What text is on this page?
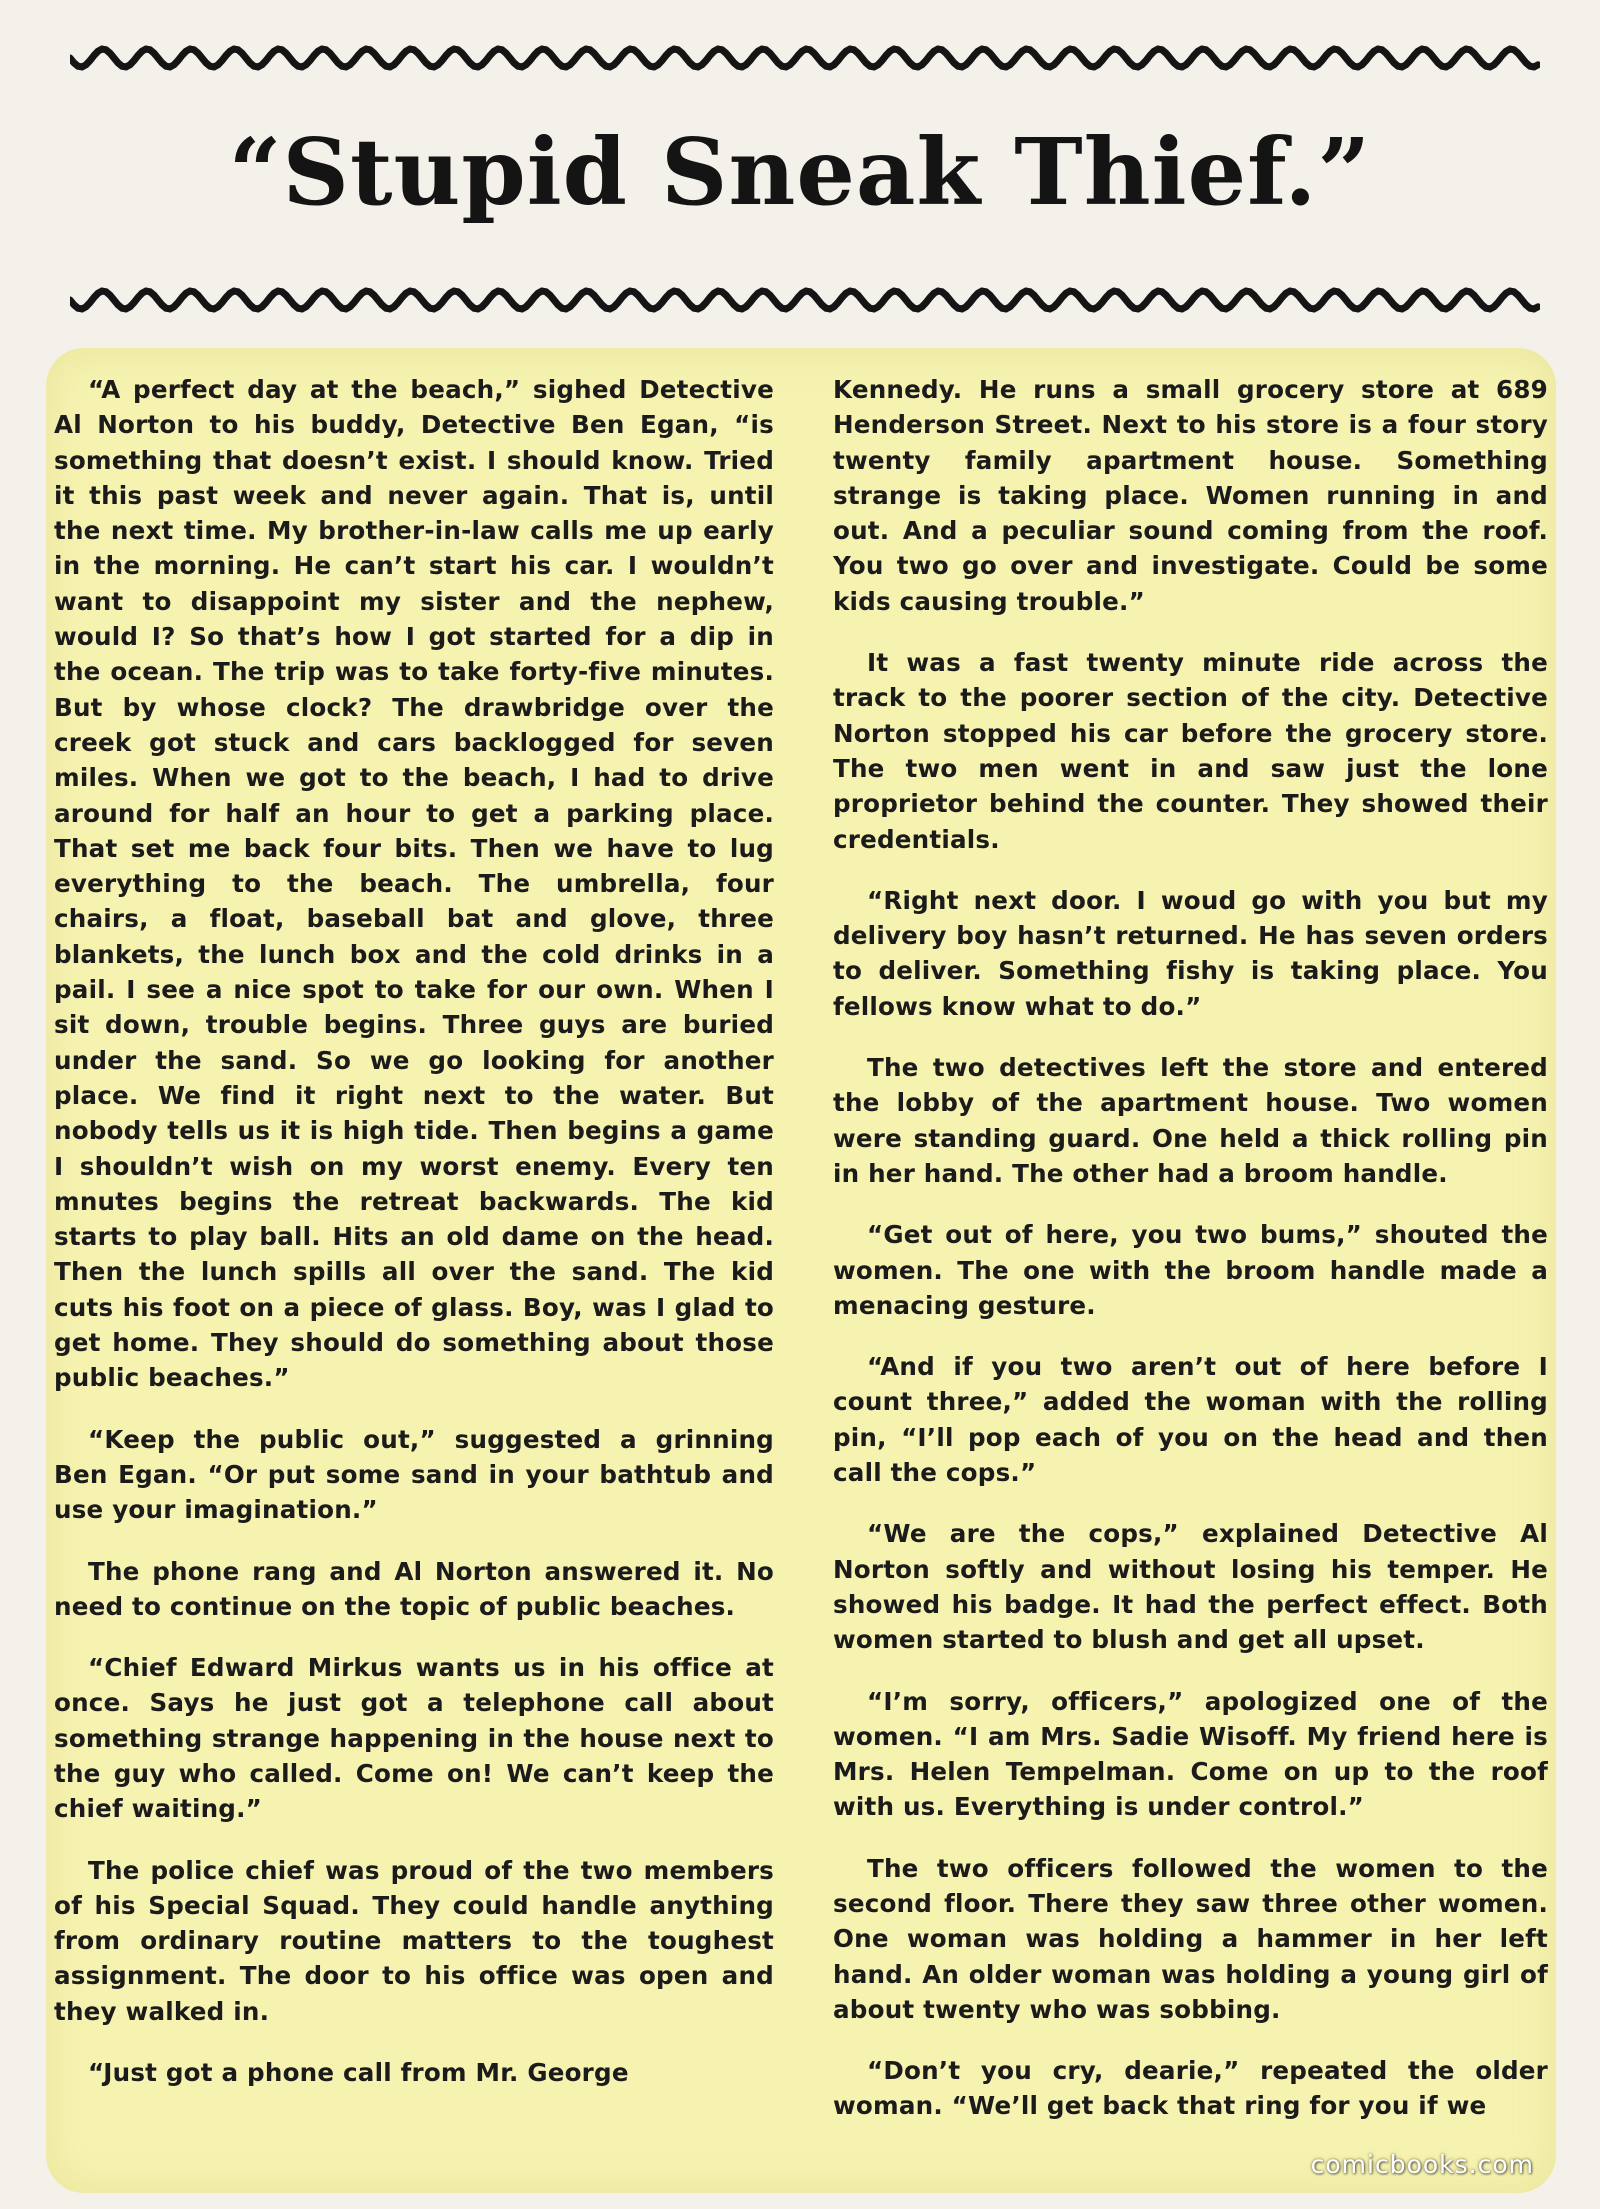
“Stupid Sneak Thief.”

“A perfect day at the beach,” sighed Detective Al Norton to his buddy, Detective Ben Egan, “is something that doesn’t exist. I should know. Tried it this past week and never again. That is, until the next time. My brother-in-law calls me up early in the morning. He can’t start his car. I wouldn’t want to disappoint my sister and the nephew, would I? So that’s how I got started for a dip in the ocean. The trip was to take forty-five minutes. But by whose clock? The drawbridge over the creek got stuck and cars backlogged for seven miles. When we got to the beach, I had to drive around for half an hour to get a parking place. That set me back four bits. Then we have to lug everything to the beach. The umbrella, four chairs, a float, baseball bat and glove, three blankets, the lunch box and the cold drinks in a pail. I see a nice spot to take for our own. When I sit down, trouble begins. Three guys are buried under the sand. So we go looking for another place. We find it right next to the water. But nobody tells us it is high tide. Then begins a game I shouldn’t wish on my worst enemy. Every ten mnutes begins the retreat backwards. The kid starts to play ball. Hits an old dame on the head. Then the lunch spills all over the sand. The kid cuts his foot on a piece of glass. Boy, was I glad to get home. They should do something about those public beaches.”

“Keep the public out,” suggested a grinning Ben Egan. “Or put some sand in your bathtub and use your imagination.”

The phone rang and Al Norton answered it. No need to continue on the topic of public beaches.

“Chief Edward Mirkus wants us in his office at once. Says he just got a telephone call about something strange happening in the house next to the guy who called. Come on! We can’t keep the chief waiting.”

The police chief was proud of the two members of his Special Squad. They could handle anything from ordinary routine matters to the toughest assignment. The door to his office was open and they walked in.

“Just got a phone call from Mr. George

Kennedy. He runs a small grocery store at 689 Henderson Street. Next to his store is a four story twenty family apartment house. Something strange is taking place. Women running in and out. And a peculiar sound coming from the roof. You two go over and investigate. Could be some kids causing trouble.”

It was a fast twenty minute ride across the track to the poorer section of the city. Detective Norton stopped his car before the grocery store. The two men went in and saw just the lone proprietor behind the counter. They showed their credentials.

“Right next door. I woud go with you but my delivery boy hasn’t returned. He has seven orders to deliver. Something fishy is taking place. You fellows know what to do.”

The two detectives left the store and entered the lobby of the apartment house. Two women were standing guard. One held a thick rolling pin in her hand. The other had a broom handle.

“Get out of here, you two bums,” shouted the women. The one with the broom handle made a menacing gesture.

“And if you two aren’t out of here before I count three,” added the woman with the rolling pin, “I’ll pop each of you on the head and then call the cops.”

“We are the cops,” explained Detective Al Norton softly and without losing his temper. He showed his badge. It had the perfect effect. Both women started to blush and get all upset.

“I’m sorry, officers,” apologized one of the women. “I am Mrs. Sadie Wisoff. My friend here is Mrs. Helen Tempelman. Come on up to the roof with us. Everything is under control.”

The two officers followed the women to the second floor. There they saw three other women. One woman was holding a hammer in her left hand. An older woman was holding a young girl of about twenty who was sobbing.

“Don’t you cry, dearie,” repeated the older woman. “We’ll get back that ring for you if we

comicbooks.com
